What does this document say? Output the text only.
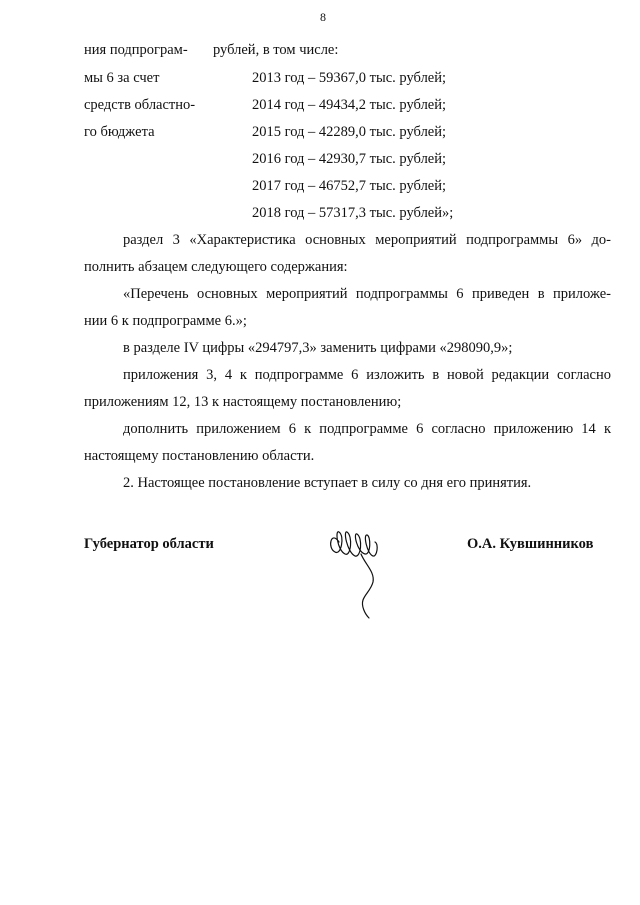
8
ния подпрограм-
мы 6 за счет
средств областно-
го бюджета
рублей, в том числе:
2013 год – 59367,0 тыс. рублей;
2014 год – 49434,2 тыс. рублей;
2015 год – 42289,0 тыс. рублей;
2016 год – 42930,7 тыс. рублей;
2017 год – 46752,7 тыс. рублей;
2018 год – 57317,3 тыс. рублей»;
раздел 3 «Характеристика основных мероприятий подпрограммы 6» до-
полнить абзацем следующего содержания:
«Перечень основных мероприятий подпрограммы 6 приведен в приложе-
нии 6 к подпрограмме 6.»;
в разделе IV цифры «294797,3» заменить цифрами «298090,9»;
приложения 3, 4 к подпрограмме 6 изложить в новой редакции согласно
приложениям 12, 13 к настоящему постановлению;
дополнить приложением 6 к подпрограмме 6 согласно приложению 14 к
настоящему постановлению области.
2. Настоящее постановление вступает в силу со дня его принятия.
Губернатор области	О.А. Кувшинников
